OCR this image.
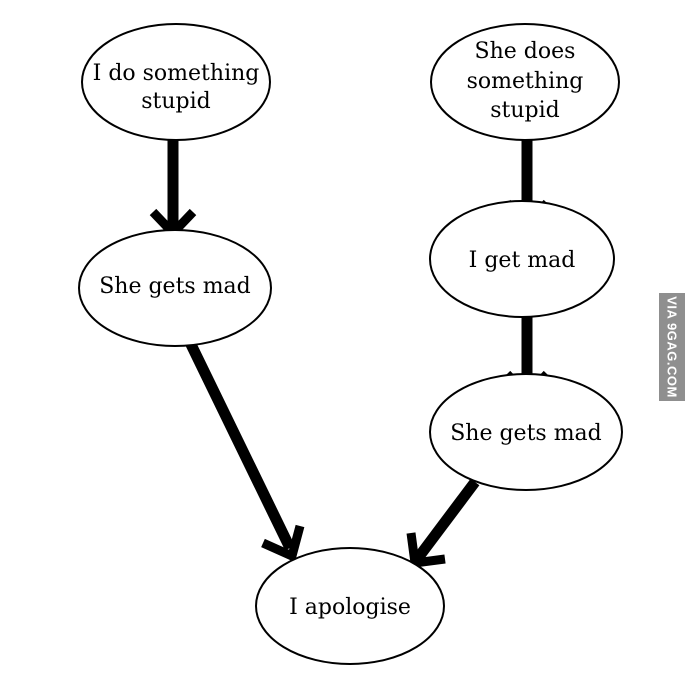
I do something
stupid
She does
something
stupid
She gets mad
I get mad
She gets mad
I apologise
VIA 9GAG.COM
